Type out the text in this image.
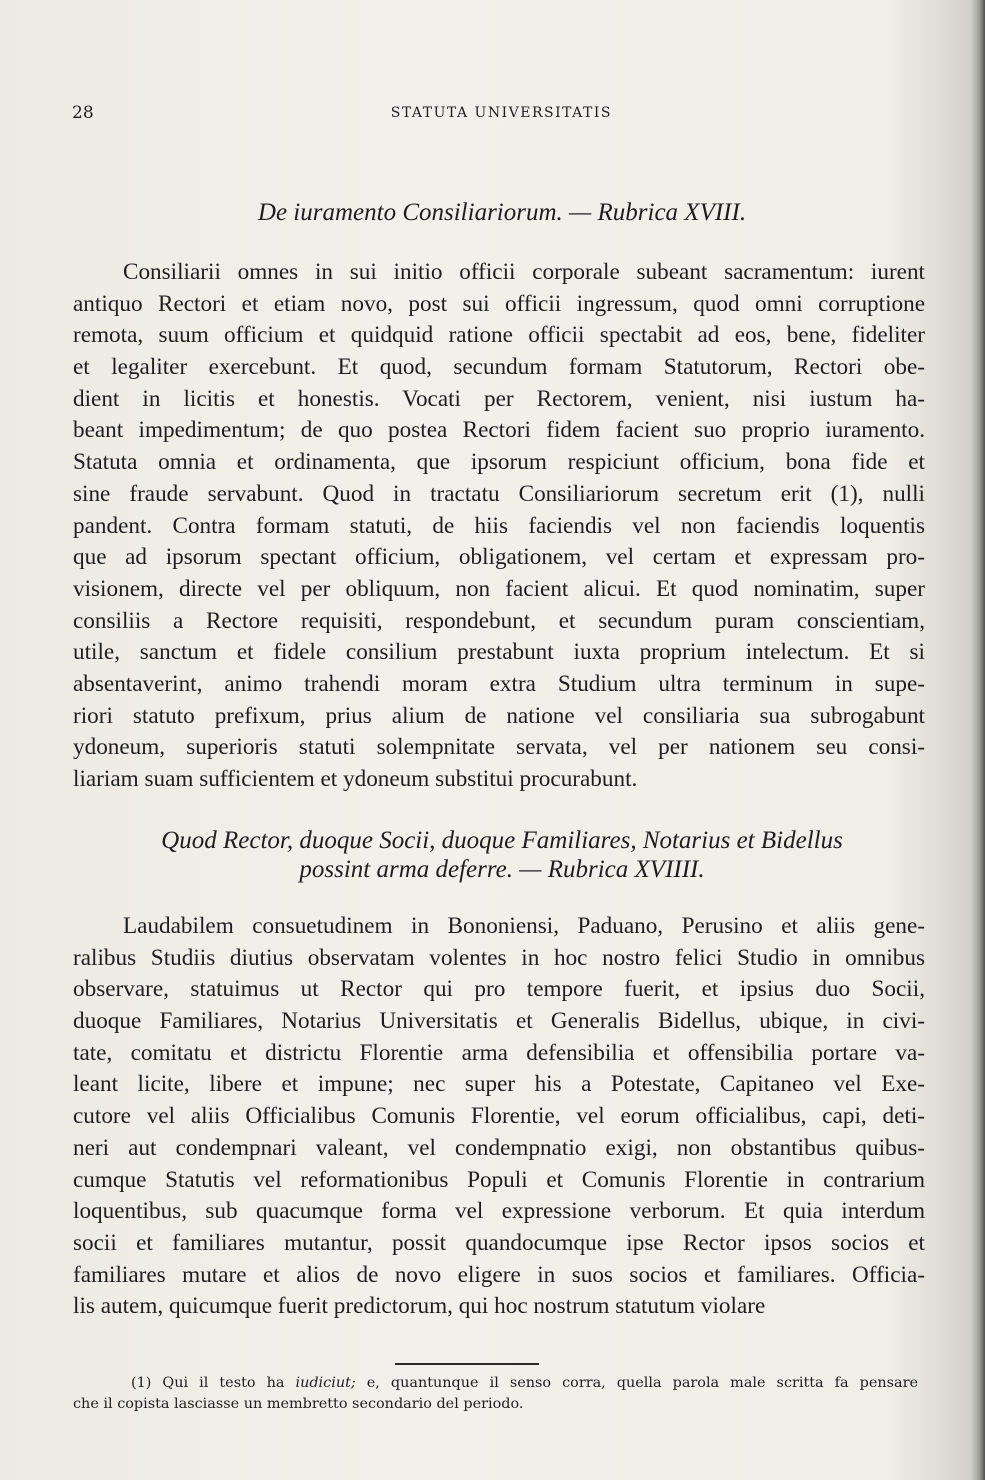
28	STATUTA UNIVERSITATIS
De iuramento Consiliariorum. — Rubrica XVIII.
Consiliarii omnes in sui initio officii corporale subeant sacramentum: iurent
antiquo Rectori et etiam novo, post sui officii ingressum, quod omni corruptione
remota, suum officium et quidquid ratione officii spectabit ad eos, bene, fideliter
et legaliter exercebunt. Et quod, secundum formam Statutorum, Rectori obe-
dient in licitis et honestis. Vocati per Rectorem, venient, nisi iustum ha-
beant impedimentum; de quo postea Rectori fidem facient suo proprio iuramento.
Statuta omnia et ordinamenta, que ipsorum respiciunt officium, bona fide et
sine fraude servabunt. Quod in tractatu Consiliariorum secretum erit (1), nulli
pandent. Contra formam statuti, de hiis faciendis vel non faciendis loquentis
que ad ipsorum spectant officium, obligationem, vel certam et expressam pro-
visionem, directe vel per obliquum, non facient alicui. Et quod nominatim, super
consiliis a Rectore requisiti, respondebunt, et secundum puram conscientiam,
utile, sanctum et fidele consilium prestabunt iuxta proprium intelectum. Et si
absentaverint, animo trahendi moram extra Studium ultra terminum in supe-
riori statuto prefixum, prius alium de natione vel consiliaria sua subrogabunt
ydoneum, superioris statuti solempnitate servata, vel per nationem seu consi-
liariam suam sufficientem et ydoneum substitui procurabunt.
Quod Rector, duoque Socii, duoque Familiares, Notarius et Bidellus
possint arma deferre. — Rubrica XVIIII.
Laudabilem consuetudinem in Bononiensi, Paduano, Perusino et aliis gene-
ralibus Studiis diutius observatam volentes in hoc nostro felici Studio in omnibus
observare, statuimus ut Rector qui pro tempore fuerit, et ipsius duo Socii,
duoque Familiares, Notarius Universitatis et Generalis Bidellus, ubique, in civi-
tate, comitatu et districtu Florentie arma defensibilia et offensibilia portare va-
leant licite, libere et impune; nec super his a Potestate, Capitaneo vel Exe-
cutore vel aliis Officialibus Comunis Florentie, vel eorum officialibus, capi, deti-
neri aut condempnari valeant, vel condempnatio exigi, non obstantibus quibus-
cumque Statutis vel reformationibus Populi et Comunis Florentie in contrarium
loquentibus, sub quacumque forma vel expressione verborum. Et quia interdum
socii et familiares mutantur, possit quandocumque ipse Rector ipsos socios et
familiares mutare et alios de novo eligere in suos socios et familiares. Officia-
lis autem, quicumque fuerit predictorum, qui hoc nostrum statutum violare
(1) Qui il testo ha iudiciut; e, quantunque il senso corra, quella parola male scritta fa pensare
che il copista lasciasse un membretto secondario del periodo.
